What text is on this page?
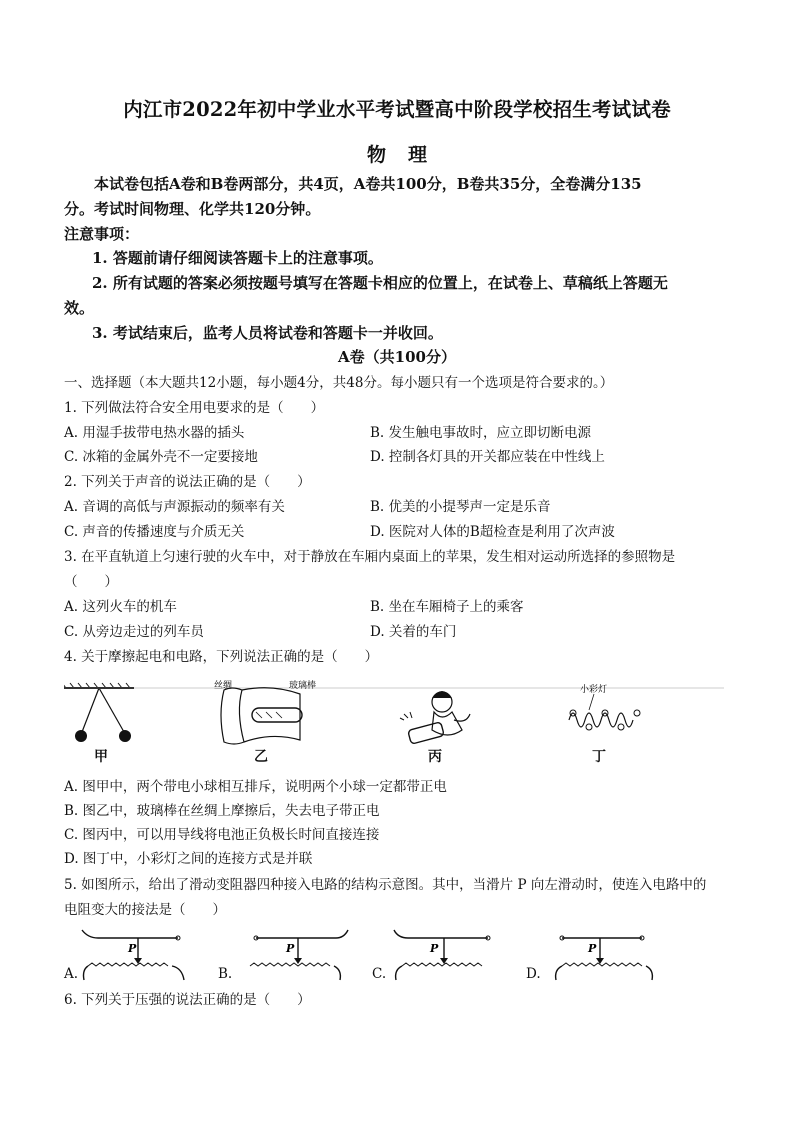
内江市2022年初中学业水平考试暨高中阶段学校招生考试试卷
物理
本试卷包括A卷和B卷两部分，共4页，A卷共100分，B卷共35分，全卷满分135
分。考试时间物理、化学共120分钟。
注意事项：
1. 答题前请仔细阅读答题卡上的注意事项。
2. 所有试题的答案必须按题号填写在答题卡相应的位置上，在试卷上、草稿纸上答题无
效。
3. 考试结束后，监考人员将试卷和答题卡一并收回。
A卷（共100分）
一、选择题（本大题共12小题，每小题4分，共48分。每小题只有一个选项是符合要求的。）
1. 下列做法符合安全用电要求的是（　　）
A. 用湿手拔带电热水器的插头	B. 发生触电事故时，应立即切断电源
C. 冰箱的金属外壳不一定要接地	D. 控制各灯具的开关都应装在中性线上
2. 下列关于声音的说法正确的是（　　）
A. 音调的高低与声源振动的频率有关	B. 优美的小提琴声一定是乐音
C. 声音的传播速度与介质无关	D. 医院对人体的B超检查是利用了次声波
3. 在平直轨道上匀速行驶的火车中，对于静放在车厢内桌面上的苹果，发生相对运动所选择的参照物是
（　　）
A. 这列火车的机车	B. 坐在车厢椅子上的乘客
C. 从旁边走过的列车员	D. 关着的车门
4. 关于摩擦起电和电路，下列说法正确的是（　　）
丝绸	玻璃棒	小彩灯
甲	乙	丙	丁
A. 图甲中，两个带电小球相互排斥，说明两个小球一定都带正电
B. 图乙中，玻璃棒在丝绸上摩擦后，失去电子带正电
C. 图丙中，可以用导线将电池正负极长时间直接连接
D. 图丁中，小彩灯之间的连接方式是并联
5. 如图所示，给出了滑动变阻器四种接入电路的结构示意图。其中，当滑片 P 向左滑动时，使连入电路中的
电阻变大的接法是（　　）
P
A.
P
B.
P
C.
P
D.
6. 下列关于压强的说法正确的是（　　）
